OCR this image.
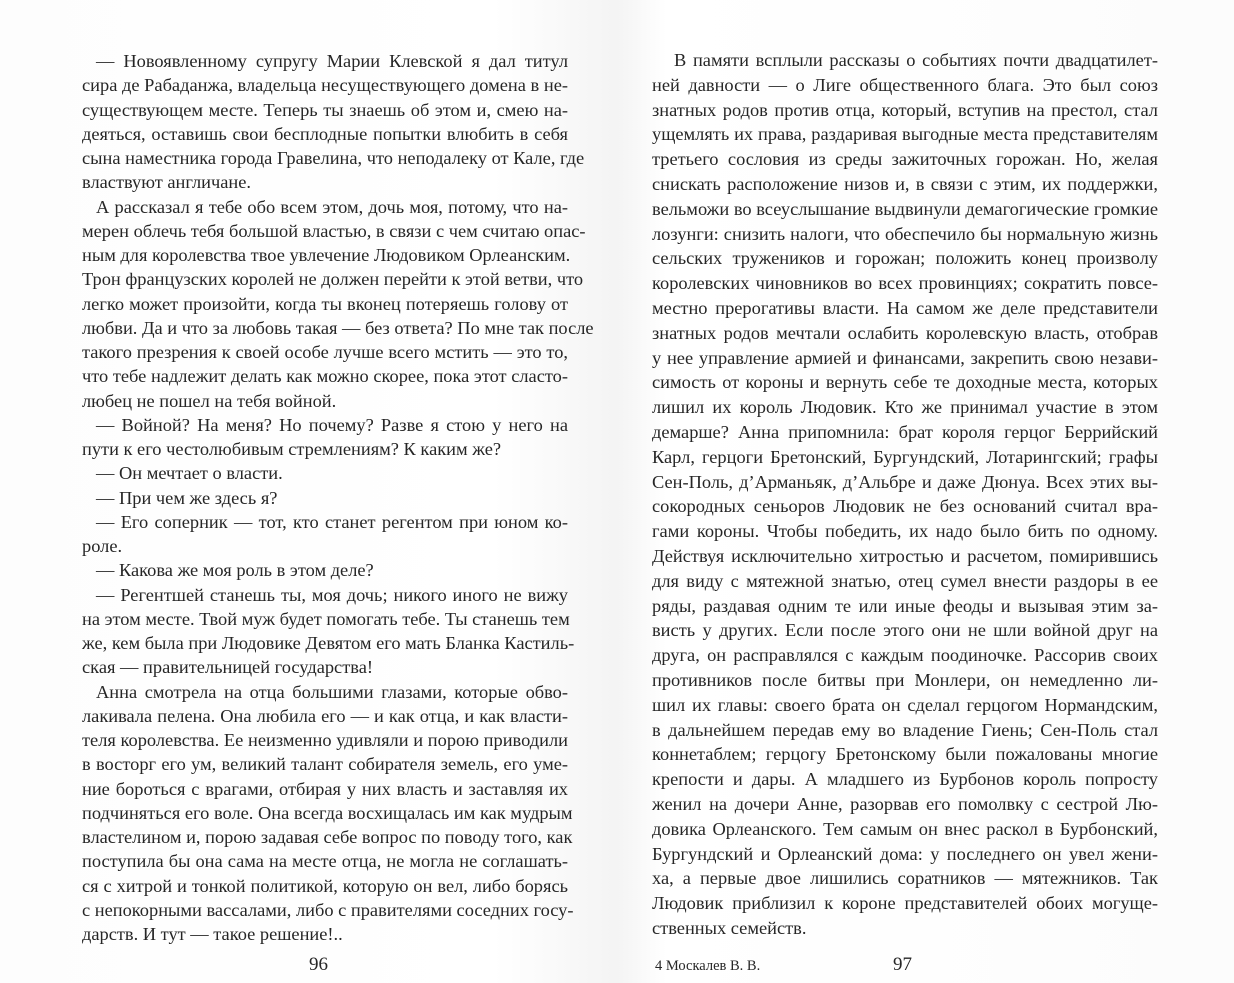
— Новоявленному супругу Марии Клевской я дал титул
сира де Рабаданжа, владельца несуществующего домена в не-
существующем месте. Теперь ты знаешь об этом и, смею на-
деяться, оставишь свои бесплодные попытки влюбить в себя
сына наместника города Гравелина, что неподалеку от Кале, где
властвуют англичане.
А рассказал я тебе обо всем этом, дочь моя, потому, что на-
мерен облечь тебя большой властью, в связи с чем считаю опас-
ным для королевства твое увлечение Людовиком Орлеанским.
Трон французских королей не должен перейти к этой ветви, что
легко может произойти, когда ты вконец потеряешь голову от
любви. Да и что за любовь такая — без ответа? По мне так после
такого презрения к своей особе лучше всего мстить — это то,
что тебе надлежит делать как можно скорее, пока этот сласто-
любец не пошел на тебя войной.
— Войной? На меня? Но почему? Разве я стою у него на
пути к его честолюбивым стремлениям? К каким же?
— Он мечтает о власти.
— При чем же здесь я?
— Его соперник — тот, кто станет регентом при юном ко-
роле.
— Какова же моя роль в этом деле?
— Регентшей станешь ты, моя дочь; никого иного не вижу
на этом месте. Твой муж будет помогать тебе. Ты станешь тем
же, кем была при Людовике Девятом его мать Бланка Кастиль-
ская — правительницей государства!
Анна смотрела на отца большими глазами, которые обво-
лакивала пелена. Она любила его — и как отца, и как власти-
теля королевства. Ее неизменно удивляли и порою приводили
в восторг его ум, великий талант собирателя земель, его уме-
ние бороться с врагами, отбирая у них власть и заставляя их
подчиняться его воле. Она всегда восхищалась им как мудрым
властелином и, порою задавая себе вопрос по поводу того, как
поступила бы она сама на месте отца, не могла не соглашать-
ся с хитрой и тонкой политикой, которую он вел, либо борясь
с непокорными вассалами, либо с правителями соседних госу-
дарств. И тут — такое решение!..
В памяти всплыли рассказы о событиях почти двадцатилет-
ней давности — о Лиге общественного блага. Это был союз
знатных родов против отца, который, вступив на престол, стал
ущемлять их права, раздаривая выгодные места представителям
третьего сословия из среды зажиточных горожан. Но, желая
снискать расположение низов и, в связи с этим, их поддержки,
вельможи во всеуслышание выдвинули демагогические громкие
лозунги: снизить налоги, что обеспечило бы нормальную жизнь
сельских тружеников и горожан; положить конец произволу
королевских чиновников во всех провинциях; сократить повсе-
местно прерогативы власти. На самом же деле представители
знатных родов мечтали ослабить королевскую власть, отобрав
у нее управление армией и финансами, закрепить свою незави-
симость от короны и вернуть себе те доходные места, которых
лишил их король Людовик. Кто же принимал участие в этом
демарше? Анна припомнила: брат короля герцог Беррийский
Карл, герцоги Бретонский, Бургундский, Лотарингский; графы
Сен-Поль, д’Арманьяк, д’Альбре и даже Дюнуа. Всех этих вы-
сокородных сеньоров Людовик не без оснований считал вра-
гами короны. Чтобы победить, их надо было бить по одному.
Действуя исключительно хитростью и расчетом, помирившись
для виду с мятежной знатью, отец сумел внести раздоры в ее
ряды, раздавая одним те или иные феоды и вызывая этим за-
висть у других. Если после этого они не шли войной друг на
друга, он расправлялся с каждым поодиночке. Рассорив своих
противников после битвы при Монлери, он немедленно ли-
шил их главы: своего брата он сделал герцогом Нормандским,
в дальнейшем передав ему во владение Гиень; Сен-Поль стал
коннетаблем; герцогу Бретонскому были пожалованы многие
крепости и дары. А младшего из Бурбонов король попросту
женил на дочери Анне, разорвав его помолвку с сестрой Лю-
довика Орлеанского. Тем самым он внес раскол в Бурбонский,
Бургундский и Орлеанский дома: у последнего он увел жени-
ха, а первые двое лишились соратников — мятежников. Так
Людовик приблизил к короне представителей обоих могуще-
ственных семейств.
96	4 Москалев В. В.	97
